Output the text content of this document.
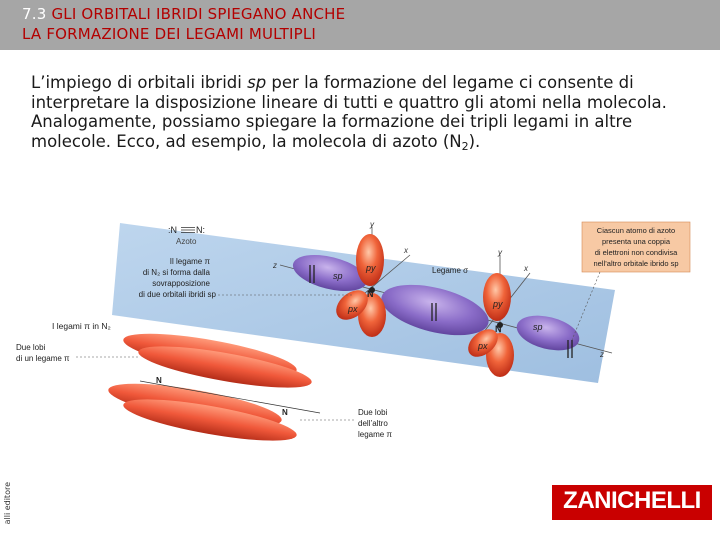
7.3 GLI ORBITALI IBRIDI SPIEGANO ANCHE
LA FORMAZIONE DEI LEGAMI MULTIPLI

L’impiego di orbitali ibridi sp per la formazione del legame ci consente di interpretare la disposizione lineare di tutti e quattro gli atomi nella molecola.

Analogamente, possiamo spiegare la formazione dei tripli legami in altre molecole. Ecco, ad esempio, la molecola di azoto $(N_2)$.

py
px
sp
py
px
sp
N
N
y
y
x
x
z
z
Legame σ
Ciascun atomo di azoto
presenta una coppia
di elettroni non condivisa
nell’altro orbitale ibrido sp
:N N:
Azoto
Il legame π
di N₂ si forma dalla
sovrapposizione
di due orbitali ibridi sp
I legami π in N₂
Due lobi
di un legame π
N
N	Due lobi
dell’altro
legame π
alli editore	ZANICHELLI
